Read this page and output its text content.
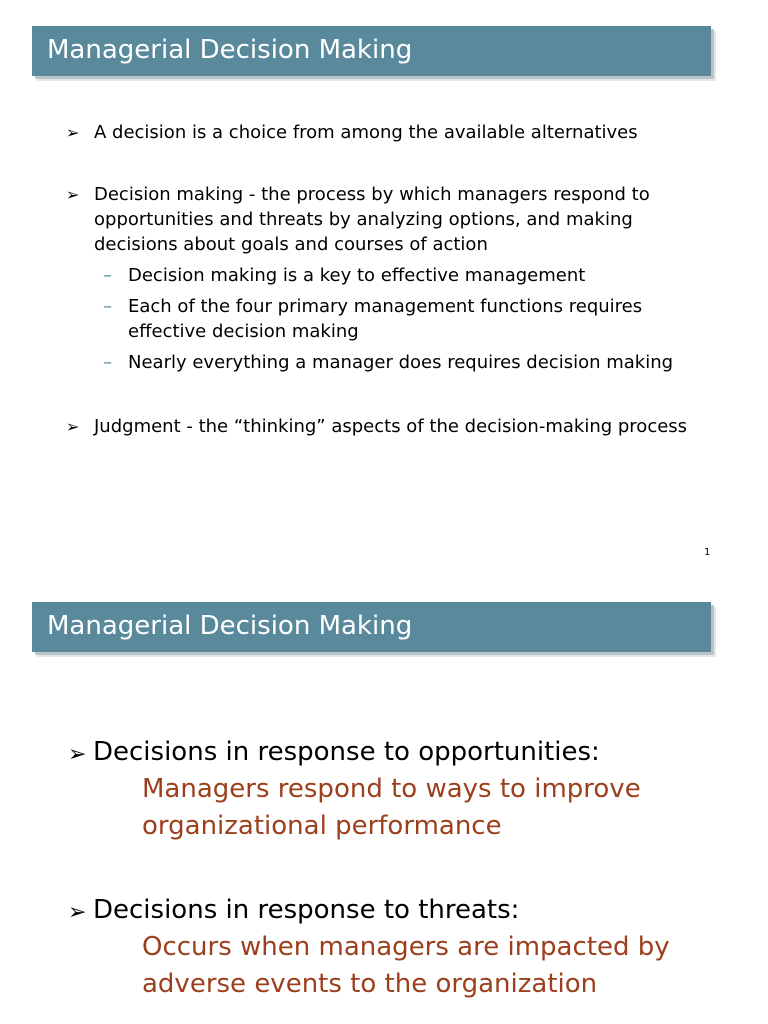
Managerial Decision Making
➢ A decision is a choice from among the available alternatives
➢ Decision making - the process by which managers respond to opportunities and threats by analyzing options, and making decisions about goals and courses of action
– Decision making is a key to effective management
– Each of the four primary management functions requires effective decision making
– Nearly everything a manager does requires decision making
➢ Judgment - the “thinking” aspects of the decision-making process
1
Managerial Decision Making
➢ Decisions in response to opportunities:
Managers respond to ways to improve organizational performance
➢ Decisions in response to threats:
Occurs when managers are impacted by adverse events to the organization
